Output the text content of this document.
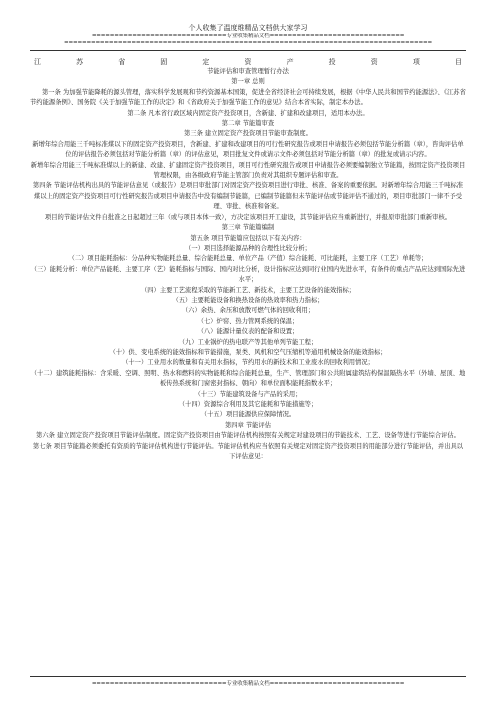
个人收集了温度维精品文档供大家学习
==============================专业收集精品文档==============================
==================================================================================
江	苏	省	固	定	资	产	投	资	项	目

节能评估和审查管理暂行办法

第一章 总则

第一条 为加强节能降耗的源头管理，落实科学发展观和节约资源基本国策，促进全省经济社会可持续发展，根据《中华人民共和国节约能源法》、《江苏省节约能源条例》、国务院《关于加强节能工作的决定》和《省政府关于加强节能工作的意见》结合本省实际，制定本办法。

第二条 凡本省行政区域内固定资产投资项目，含新建、扩建和改建项目，适用本办法。

第二章 节能篇审查

第三条 建立固定资产投资项目节能审查制度。

新增年综合用能三千吨标准煤以下的固定资产投资项目，含新建、扩建和改建项目的可行性研究报告或项目申请报告必须包括节能分析篇（章），咨询评估单位的评估报告必须包括对节能分析篇（章）的评估意见，项目批复文件或请示文件必须包括对节能分析篇（章）的批复或请示内容。

新增年综合用能三千吨标准煤以上的新建、改建、扩建固定资产投资项目，项目可行性研究报告或项目申请报告必须要编制独立节能篇，按固定资产投资项目管理权限，由各级政府节能主管部门负责对其组织专题评估和审查。

第四条 节能评估机构出具的节能评估意见（或报告）是项目审批部门对固定资产投资项目进行审批、核准、备案的重要依据。对新增年综合用能三千吨标准煤以上的固定资产投资项目可行性研究报告或项目申请报告中没有编制节能篇，已编制节能篇但未节能评估或节能评估不通过的，项目审批部门一律不予受理、审批、核准和备案。

项目的节能评估文件自批准之日起超过三年（或与项目本体一致），方决定该项目开工建设，其节能评估应当重新进行，并报原审批部门重新审核。

第三章 节能篇编制

第五条 项目节能篇应包括以下有关内容：

（一）项目选择能源品种的合理性比较分析；

（二）项目能耗指标：分品种实物能耗总量、综合能耗总量、单位产品（产值）综合能耗、可比能耗，主要工序（工艺）单耗等；

（三）能耗分析：单位产品能耗、主要工序（艺）能耗指标与国际、国内对比分析，设计指标应达到同行业国内先进水平，有条件的重点产品应达到国际先进水平；

（四）主要工艺流程采取的节能新工艺、新技术，主要工艺设备的能效指标；

（五）主要耗能设备和换热设备的热效率和热力指标；

（六）余热、余压和放散可燃气体的回收利用；

（七）炉窑、热力管网系统的保温；

（八）能源计量仪表的配备和设置；

（九）工业锅炉的热电联产等其他单列节能工程；

（十）供、变电系统的能效指标和节能措施，泵类、风机和空气压缩机等通用机械设备的能效指标；

（十一）工业用水的数量和有关用水指标，节约用水的新技术和工业废水的回收利用情况；

（十二）建筑能耗指标：含采暖、空调、照明、热水和燃料的实物能耗和综合能耗总量，生产、管理部门和公共附属建筑结构保温隔热水平（外墙、屋顶、地板传热系统和门窗密封指标、朝向）和单位面积能耗指数水平；

（十三）节能建筑设备与产品的采用；

（十四）资源综合利用及其它能耗和节能措施等；

（十五）项目能源供应保障情况。

第四章 节能评估

第六条 建立固定资产投资项目节能评估制度。固定资产投资项目由节能评估机构按照有关规定对建设项目的节能技术、工艺、设备等进行节能综合评估。

第七条 项目节能篇必须委托有资质的节能评估机构进行节能评估。节能评估机构应当依照有关规定对固定资产投资项目的用能部分进行节能评估，并出具以下评估意见：

==============================专业收集精品文档==============================
